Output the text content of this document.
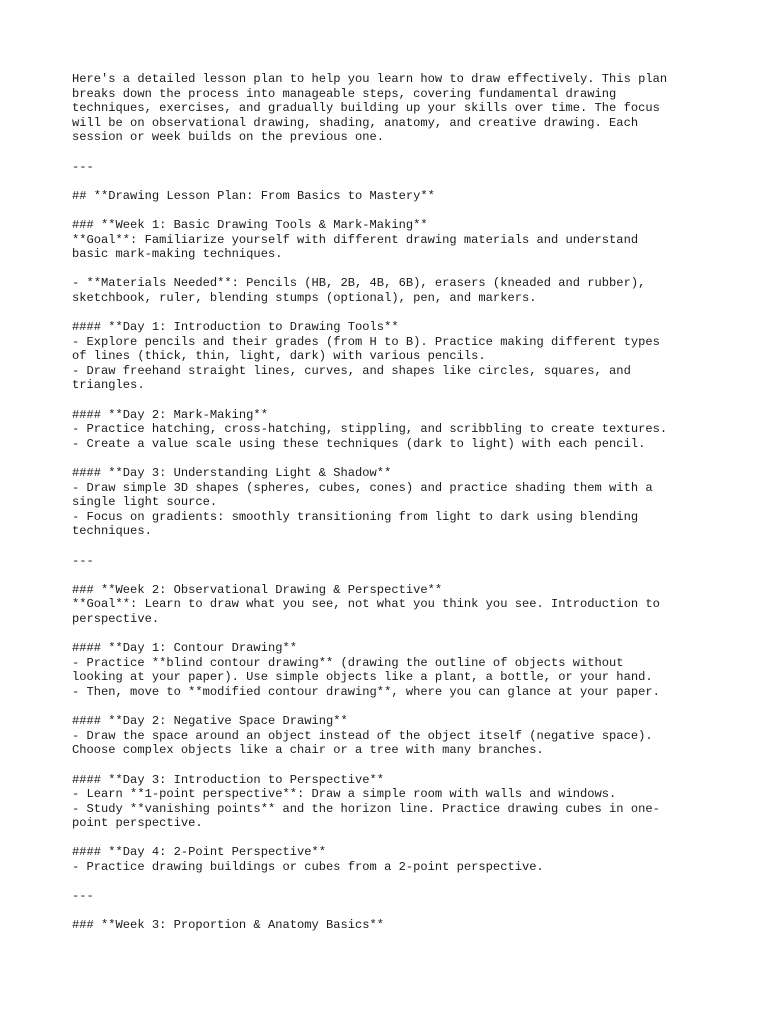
Here's a detailed lesson plan to help you learn how to draw effectively. This plan
breaks down the process into manageable steps, covering fundamental drawing
techniques, exercises, and gradually building up your skills over time. The focus
will be on observational drawing, shading, anatomy, and creative drawing. Each
session or week builds on the previous one.
---
## **Drawing Lesson Plan: From Basics to Mastery**
### **Week 1: Basic Drawing Tools & Mark-Making**
**Goal**: Familiarize yourself with different drawing materials and understand
basic mark-making techniques.
- **Materials Needed**: Pencils (HB, 2B, 4B, 6B), erasers (kneaded and rubber),
sketchbook, ruler, blending stumps (optional), pen, and markers.
#### **Day 1: Introduction to Drawing Tools**
- Explore pencils and their grades (from H to B). Practice making different types
of lines (thick, thin, light, dark) with various pencils.
- Draw freehand straight lines, curves, and shapes like circles, squares, and
triangles.
#### **Day 2: Mark-Making**
- Practice hatching, cross-hatching, stippling, and scribbling to create textures.
- Create a value scale using these techniques (dark to light) with each pencil.
#### **Day 3: Understanding Light & Shadow**
- Draw simple 3D shapes (spheres, cubes, cones) and practice shading them with a
single light source.
- Focus on gradients: smoothly transitioning from light to dark using blending
techniques.
---
### **Week 2: Observational Drawing & Perspective**
**Goal**: Learn to draw what you see, not what you think you see. Introduction to
perspective.
#### **Day 1: Contour Drawing**
- Practice **blind contour drawing** (drawing the outline of objects without
looking at your paper). Use simple objects like a plant, a bottle, or your hand.
- Then, move to **modified contour drawing**, where you can glance at your paper.
#### **Day 2: Negative Space Drawing**
- Draw the space around an object instead of the object itself (negative space).
Choose complex objects like a chair or a tree with many branches.
#### **Day 3: Introduction to Perspective**
- Learn **1-point perspective**: Draw a simple room with walls and windows.
- Study **vanishing points** and the horizon line. Practice drawing cubes in one-
point perspective.
#### **Day 4: 2-Point Perspective**
- Practice drawing buildings or cubes from a 2-point perspective.
---
### **Week 3: Proportion & Anatomy Basics**
